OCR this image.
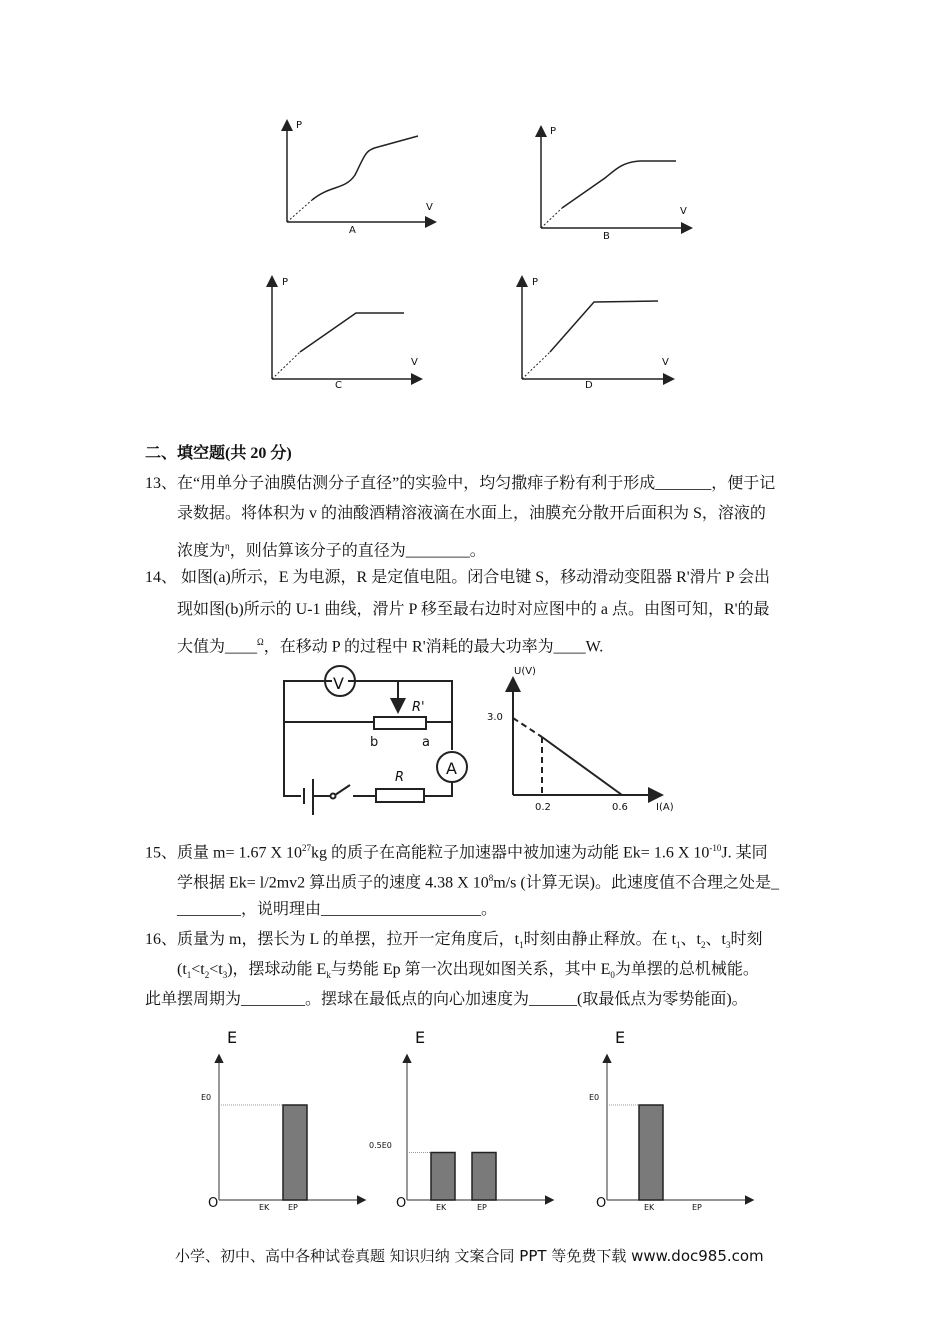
P
V
A
P
V
B
P
V
C
P
V
D
二、填空题(共 20 分)
13、在“用单分子油膜估测分子直径”的实验中，均匀撒痱子粉有利于形成_______，便于记
录数据。将体积为 v 的油酸酒精溶液滴在水面上，油膜充分散开后面积为 S，溶液的
浓度为$^\eta$，则估算该分子的直径为________。
14、 如图(a)所示，E 为电源，R 是定值电阻。闭合电键 S，移动滑动变阻器 R'滑片 P 会出
现如图(b)所示的 U-1 曲线，滑片 P 移至最右边时对应图中的 a 点。由图可知，R'的最
大值为____$^\Omega$，在移动 P 的过程中 R'消耗的最大功率为____W.
15、质量 m= 1.67 X $10^{27}kg$ 的质子在高能粒子加速器中被加速为动能 Ek= 1.6 X $10^{-10}J$. 某同
学根据 Ek= l/2mv2 算出质子的速度 4.38 X $10^8m/s$ (计算无误)。此速度值不合理之处是_
________，说明理由____________________。
16、质量为 m，摆长为 L 的单摆，拉开一定角度后，$t_1$时刻由静止释放。在 $t_1$、$t_2$、$t_3$时刻
$(t_1<t_2<t_3)$，摆球动能 $E_k$与势能 Ep 第一次出现如图关系，其中 $E_0$为单摆的总机械能。
此单摆周期为________。摆球在最低点的向心加速度为______(取最低点为零势能面)。
V
A
R'
R
b	a
U(V)
3.0
0.2	0.6	I(A)
E
O
E0
EK EP
E
O
0.5E0
EK	EP
E
O
E0
EK	EP
小学、初中、高中各种试卷真题 知识归纳 文案合同 PPT 等免费下载 www.doc985.com
